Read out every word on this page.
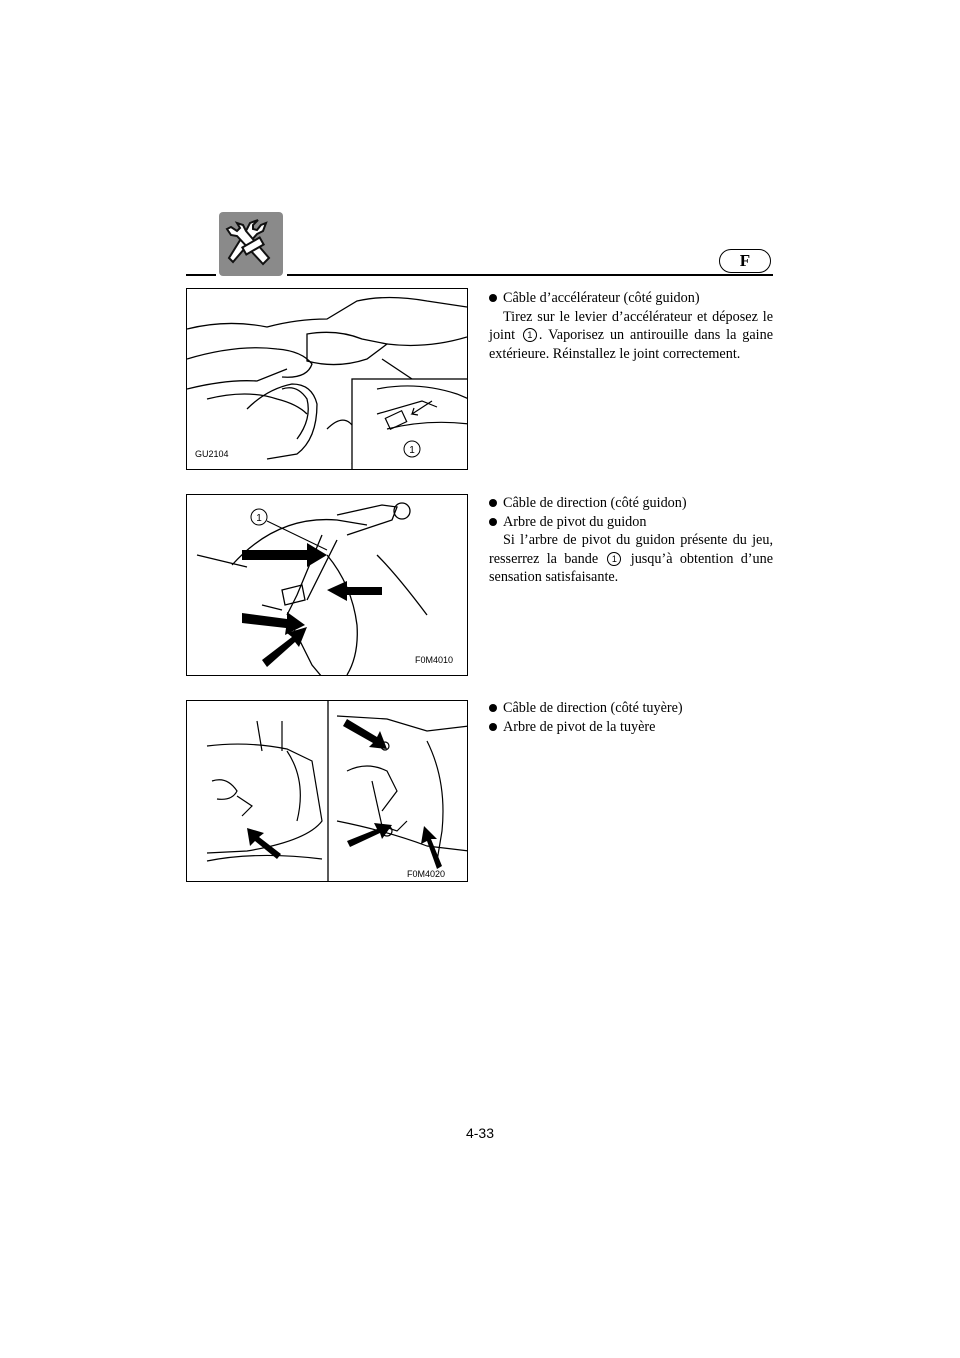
F
1
GU2104
1
F0M4010
F0M4020
Câble d’accélérateur (côté guidon)
Tirez sur le levier d’accélérateur et déposez le joint 1 . Vaporisez un antirouille dans la gaine extérieure. Réinstallez le joint correctement.
Câble de direction (côté guidon)
Arbre de pivot du guidon
Si l’arbre de pivot du guidon présente du jeu, resserrez la bande 1 jusqu’à obtention d’une sensation satisfaisante.
Câble de direction (côté tuyère)
Arbre de pivot de la tuyère
4-33
